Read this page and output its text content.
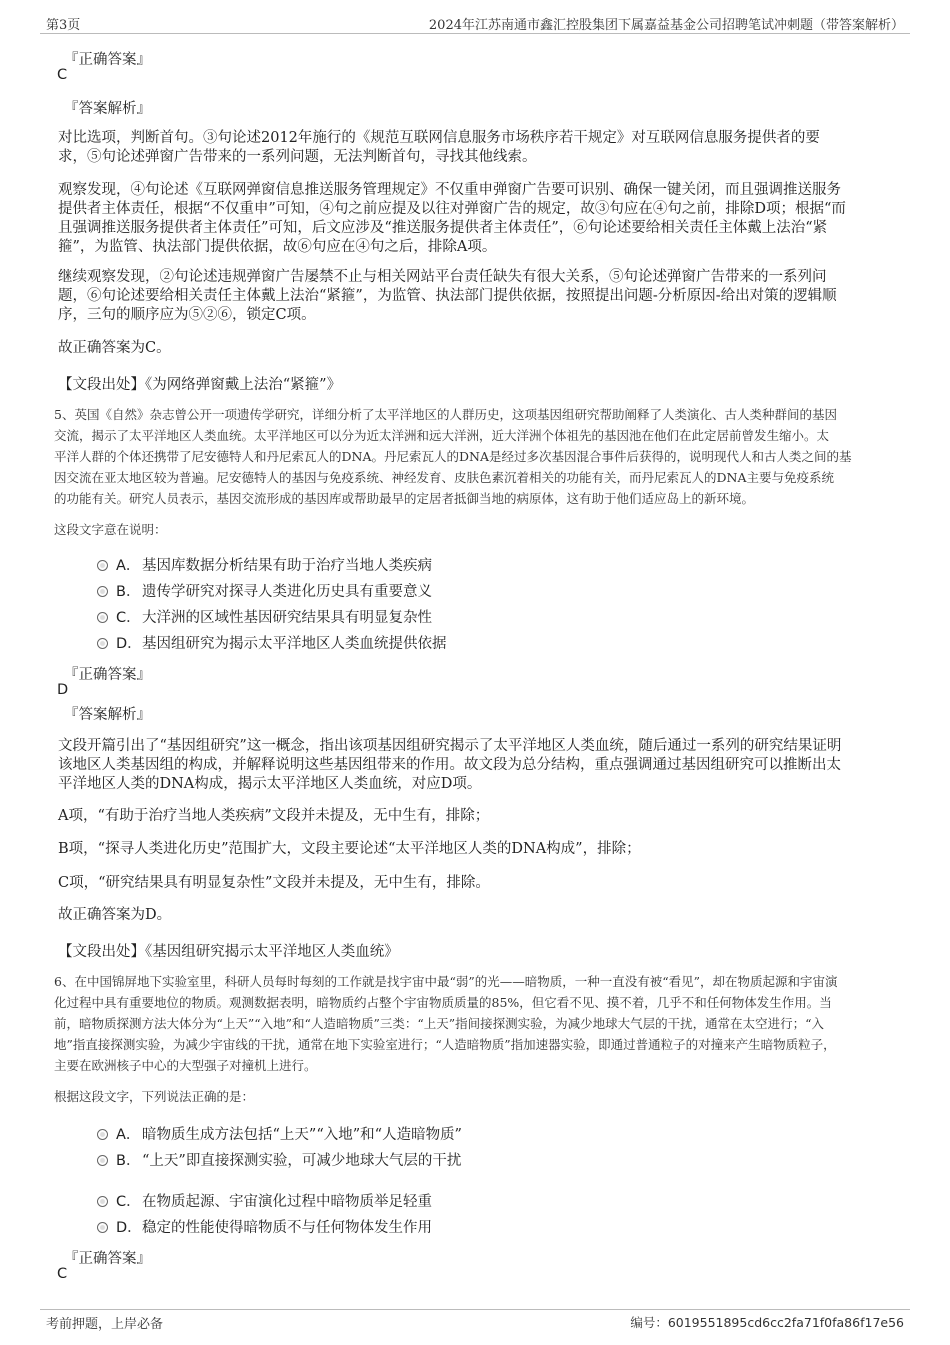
第3页	2024年江苏南通市鑫汇控股集团下属嘉益基金公司招聘笔试冲刺题（带答案解析）
『正确答案』
C
『答案解析』
对比选项，判断首句。③句论述2012年施行的《规范互联网信息服务市场秩序若干规定》对互联网信息服务提供者的要
求，⑤句论述弹窗广告带来的一系列问题，无法判断首句，寻找其他线索。
观察发现，④句论述《互联网弹窗信息推送服务管理规定》不仅重申弹窗广告要可识别、确保一键关闭，而且强调推送服务
提供者主体责任，根据“不仅重申”可知，④句之前应提及以往对弹窗广告的规定，故③句应在④句之前，排除D项；根据“而
且强调推送服务提供者主体责任”可知，后文应涉及“推送服务提供者主体责任”，⑥句论述要给相关责任主体戴上法治“紧
箍”，为监管、执法部门提供依据，故⑥句应在④句之后，排除A项。
继续观察发现，②句论述违规弹窗广告屡禁不止与相关网站平台责任缺失有很大关系，⑤句论述弹窗广告带来的一系列问
题，⑥句论述要给相关责任主体戴上法治“紧箍”，为监管、执法部门提供依据，按照提出问题-分析原因-给出对策的逻辑顺
序，三句的顺序应为⑤②⑥，锁定C项。
故正确答案为C。
【文段出处】《为网络弹窗戴上法治“紧箍”》
5、英国《自然》杂志曾公开一项遗传学研究，详细分析了太平洋地区的人群历史，这项基因组研究帮助阐释了人类演化、古人类种群间的基因
交流，揭示了太平洋地区人类血统。太平洋地区可以分为近太洋洲和远大洋洲，近大洋洲个体祖先的基因池在他们在此定居前曾发生缩小。太
平洋人群的个体还携带了尼安德特人和丹尼索瓦人的DNA。丹尼索瓦人的DNA是经过多次基因混合事件后获得的，说明现代人和古人类之间的基
因交流在亚太地区较为普遍。尼安德特人的基因与免疫系统、神经发育、皮肤色素沉着相关的功能有关，而丹尼索瓦人的DNA主要与免疫系统
的功能有关。研究人员表示，基因交流形成的基因库或帮助最早的定居者抵御当地的病原体，这有助于他们适应岛上的新环境。
这段文字意在说明：
A． 基因库数据分析结果有助于治疗当地人类疾病
B． 遗传学研究对探寻人类进化历史具有重要意义
C．大洋洲的区域性基因研究结果具有明显复杂性
D．基因组研究为揭示太平洋地区人类血统提供依据
『正确答案』
D
『答案解析』
文段开篇引出了“基因组研究”这一概念，指出该项基因组研究揭示了太平洋地区人类血统，随后通过一系列的研究结果证明
该地区人类基因组的构成，并解释说明这些基因组带来的作用。故文段为总分结构，重点强调通过基因组研究可以推断出太
平洋地区人类的DNA构成，揭示太平洋地区人类血统，对应D项。
A项，“有助于治疗当地人类疾病”文段并未提及，无中生有，排除；
B项，“探寻人类进化历史”范围扩大，文段主要论述“太平洋地区人类的DNA构成”，排除；
C项，“研究结果具有明显复杂性”文段并未提及，无中生有，排除。
故正确答案为D。
【文段出处】《基因组研究揭示太平洋地区人类血统》
6、在中国锦屏地下实验室里，科研人员每时每刻的工作就是找宇宙中最“弱”的光——暗物质，一种一直没有被“看见”，却在物质起源和宇宙演
化过程中具有重要地位的物质。观测数据表明，暗物质约占整个宇宙物质质量的85%，但它看不见、摸不着，几乎不和任何物体发生作用。当
前，暗物质探测方法大体分为“上天”“入地”和“人造暗物质”三类：“上天”指间接探测实验，为减少地球大气层的干扰，通常在太空进行；“入
地”指直接探测实验，为减少宇宙线的干扰，通常在地下实验室进行；“人造暗物质”指加速器实验，即通过普通粒子的对撞来产生暗物质粒子，
主要在欧洲核子中心的大型强子对撞机上进行。
根据这段文字，下列说法正确的是：
A． 暗物质生成方法包括“上天”“入地”和“人造暗物质”
B． “上天”即直接探测实验，可减少地球大气层的干扰
C．在物质起源、宇宙演化过程中暗物质举足轻重
D．稳定的性能使得暗物质不与任何物体发生作用
『正确答案』
C
考前押题，上岸必备	编号：6019551895cd6cc2fa71f0fa86f17e56
